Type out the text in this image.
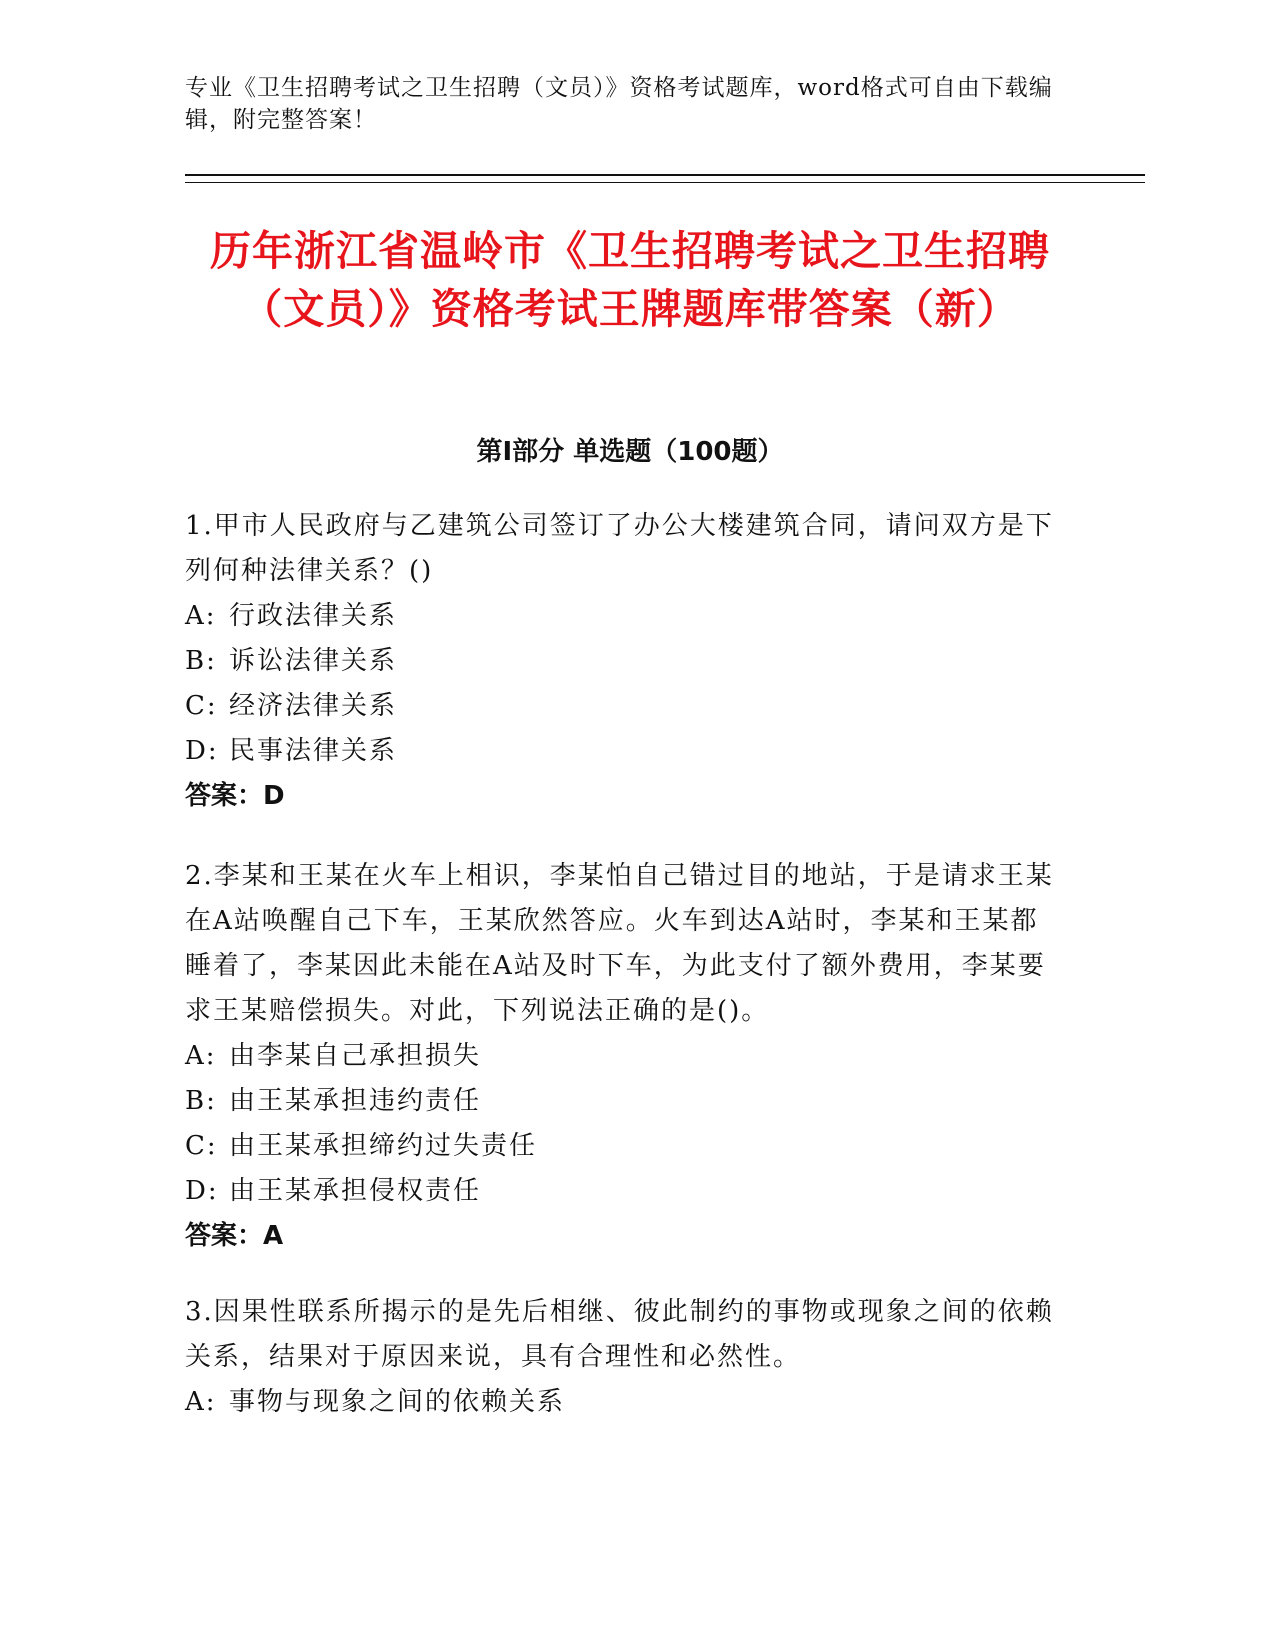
专业《卫生招聘考试之卫生招聘（文员）》资格考试题库，word格式可自由下载编辑，附完整答案！
历年浙江省温岭市《卫生招聘考试之卫生招聘（文员）》资格考试王牌题库带答案（新）
第Ⅰ部分 单选题（100题）
1.甲市人民政府与乙建筑公司签订了办公大楼建筑合同，请问双方是下列何种法律关系？()
A: 行政法律关系
B: 诉讼法律关系
C: 经济法律关系
D: 民事法律关系
答案：D
2.李某和王某在火车上相识，李某怕自己错过目的地站，于是请求王某在A站唤醒自己下车，王某欣然答应。火车到达A站时，李某和王某都睡着了，李某因此未能在A站及时下车，为此支付了额外费用，李某要求王某赔偿损失。对此，下列说法正确的是()。
A: 由李某自己承担损失
B: 由王某承担违约责任
C: 由王某承担缔约过失责任
D: 由王某承担侵权责任
答案：A
3.因果性联系所揭示的是先后相继、彼此制约的事物或现象之间的依赖关系，结果对于原因来说，具有合理性和必然性。
A: 事物与现象之间的依赖关系
